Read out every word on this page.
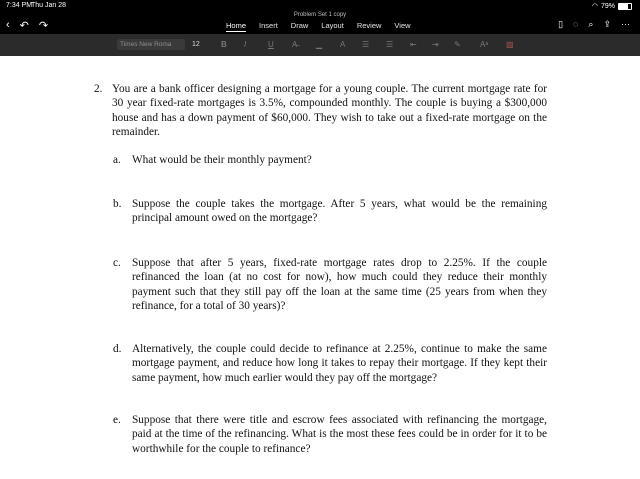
7:34 PM
Thu Jan 28	◠ 79%
Problem Set 1 copy
‹ ↶ ↷	Home Insert Draw Layout Review View	▯ ◌ ⌕ ⇪ ···
Times New Roma	12	B I	U A̶ ▁ A ☰ ☰ ⇤ ⇥ ✎ Aᵃ ▨
2. You are a bank officer designing a mortgage for a young couple. The current mortgage rate for 30 year fixed-rate mortgages is 3.5%, compounded monthly. The couple is buying a $300,000 house and has a down payment of $60,000. They wish to take out a fixed-rate mortgage on the remainder.
a. What would be their monthly payment?
b. Suppose the couple takes the mortgage. After 5 years, what would be the remaining principal amount owed on the mortgage?
c. Suppose that after 5 years, fixed-rate mortgage rates drop to 2.25%. If the couple refinanced the loan (at no cost for now), how much could they reduce their monthly payment such that they still pay off the loan at the same time (25 years from when they refinance, for a total of 30 years)?
d. Alternatively, the couple could decide to refinance at 2.25%, continue to make the same mortgage payment, and reduce how long it takes to repay their mortgage. If they kept their same payment, how much earlier would they pay off the mortgage?
e. Suppose that there were title and escrow fees associated with refinancing the mortgage, paid at the time of the refinancing. What is the most these fees could be in order for it to be worthwhile for the couple to refinance?
